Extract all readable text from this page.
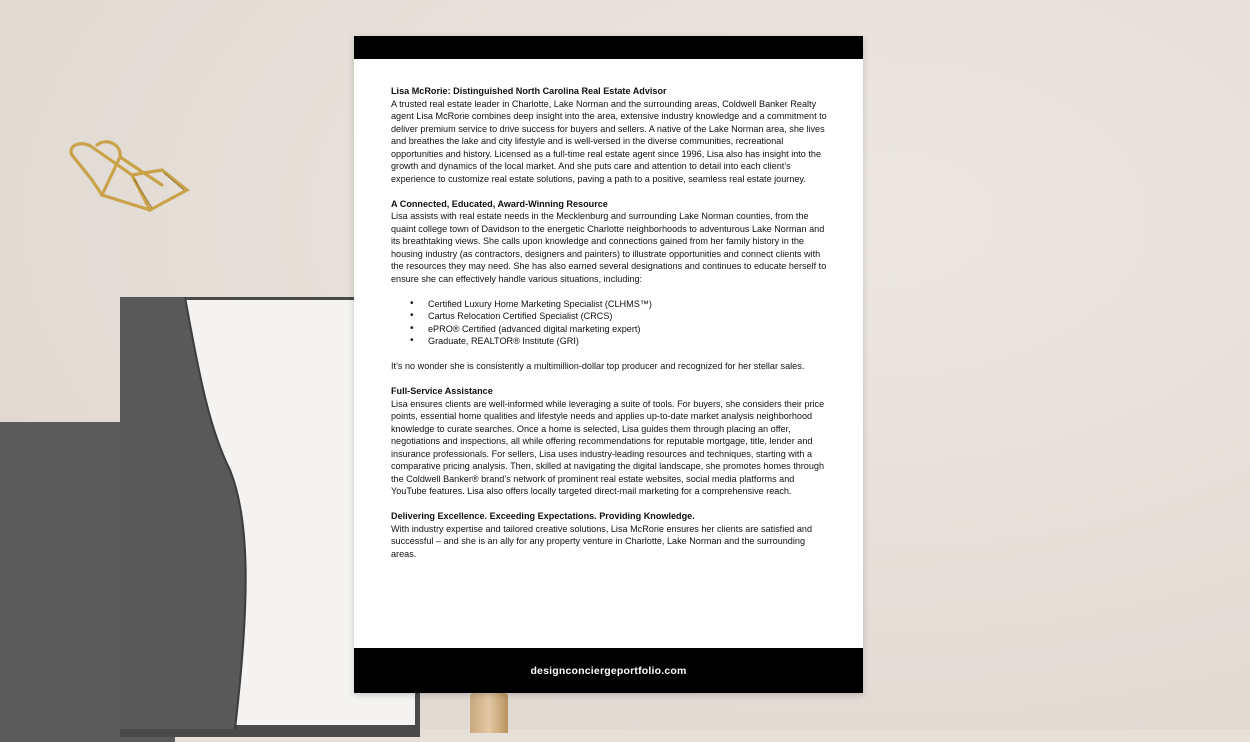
Lisa McRorie: Distinguished North Carolina Real Estate Advisor

A trusted real estate leader in Charlotte, Lake Norman and the surrounding areas, Coldwell Banker Realty agent Lisa McRorie combines deep insight into the area, extensive industry knowledge and a commitment to deliver premium service to drive success for buyers and sellers. A native of the Lake Norman area, she lives and breathes the lake and city lifestyle and is well-versed in the diverse communities, recreational opportunities and history. Licensed as a full-time real estate agent since 1996, Lisa also has insight into the growth and dynamics of the local market. And she puts care and attention to detail into each client’s experience to customize real estate solutions, paving a path to a positive, seamless real estate journey.

A Connected, Educated, Award-Winning Resource

Lisa assists with real estate needs in the Mecklenburg and surrounding Lake Norman counties, from the quaint college town of Davidson to the energetic Charlotte neighborhoods to adventurous Lake Norman and its breathtaking views. She calls upon knowledge and connections gained from her family history in the housing industry (as contractors, designers and painters) to illustrate opportunities and connect clients with the resources they may need. She has also earned several designations and continues to educate herself to ensure she can effectively handle various situations, including:

• Certified Luxury Home Marketing Specialist (CLHMS™)
• Cartus Relocation Certified Specialist (CRCS)
• ePRO® Certified (advanced digital marketing expert)
• Graduate, REALTOR® Institute (GRI)

It’s no wonder she is consistently a multimillion-dollar top producer and recognized for her stellar sales.

Full-Service Assistance

Lisa ensures clients are well-informed while leveraging a suite of tools. For buyers, she considers their price points, essential home qualities and lifestyle needs and applies up-to-date market analysis neighborhood knowledge to curate searches. Once a home is selected, Lisa guides them through placing an offer, negotiations and inspections, all while offering recommendations for reputable mortgage, title, lender and insurance professionals. For sellers, Lisa uses industry-leading resources and techniques, starting with a comparative pricing analysis. Then, skilled at navigating the digital landscape, she promotes homes through the Coldwell Banker® brand’s network of prominent real estate websites, social media platforms and YouTube features. Lisa also offers locally targeted direct-mail marketing for a comprehensive reach.

Delivering Excellence. Exceeding Expectations. Providing Knowledge.

With industry expertise and tailored creative solutions, Lisa McRorie ensures her clients are satisfied and successful – and she is an ally for any property venture in Charlotte, Lake Norman and the surrounding areas.

designconciergeportfolio.com
